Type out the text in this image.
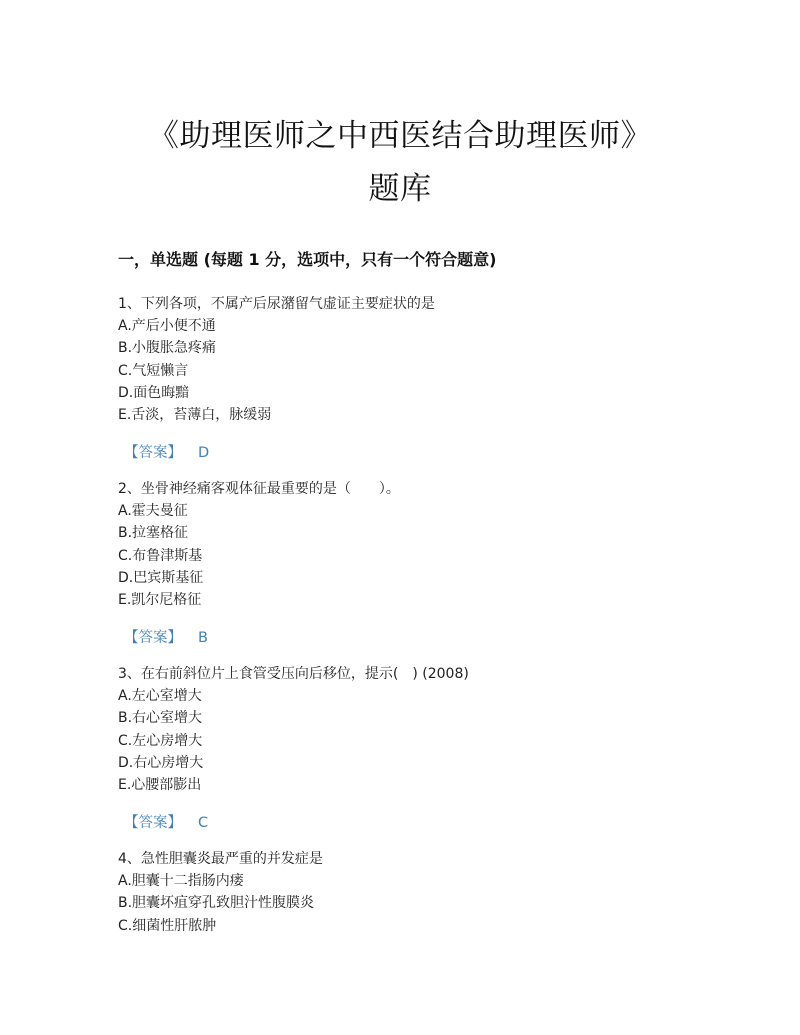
《助理医师之中西医结合助理医师》
题库
一，单选题 (每题 1 分，选项中，只有一个符合题意)
1、下列各项，不属产后尿潴留气虚证主要症状的是
A.产后小便不通
B.小腹胀急疼痛
C.气短懒言
D.面色晦黯
E.舌淡，苔薄白，脉缓弱
【答案】 D
2、坐骨神经痛客观体征最重要的是（　　）。
A.霍夫曼征
B.拉塞格征
C.布鲁津斯基
D.巴宾斯基征
E.凯尔尼格征
【答案】 B
3、在右前斜位片上食管受压向后移位，提示(　) (2008)
A.左心室增大
B.右心室增大
C.左心房增大
D.右心房增大
E.心腰部膨出
【答案】 C
4、急性胆囊炎最严重的并发症是
A.胆囊十二指肠内瘘
B.胆囊坏疽穿孔致胆汁性腹膜炎
C.细菌性肝脓肿
